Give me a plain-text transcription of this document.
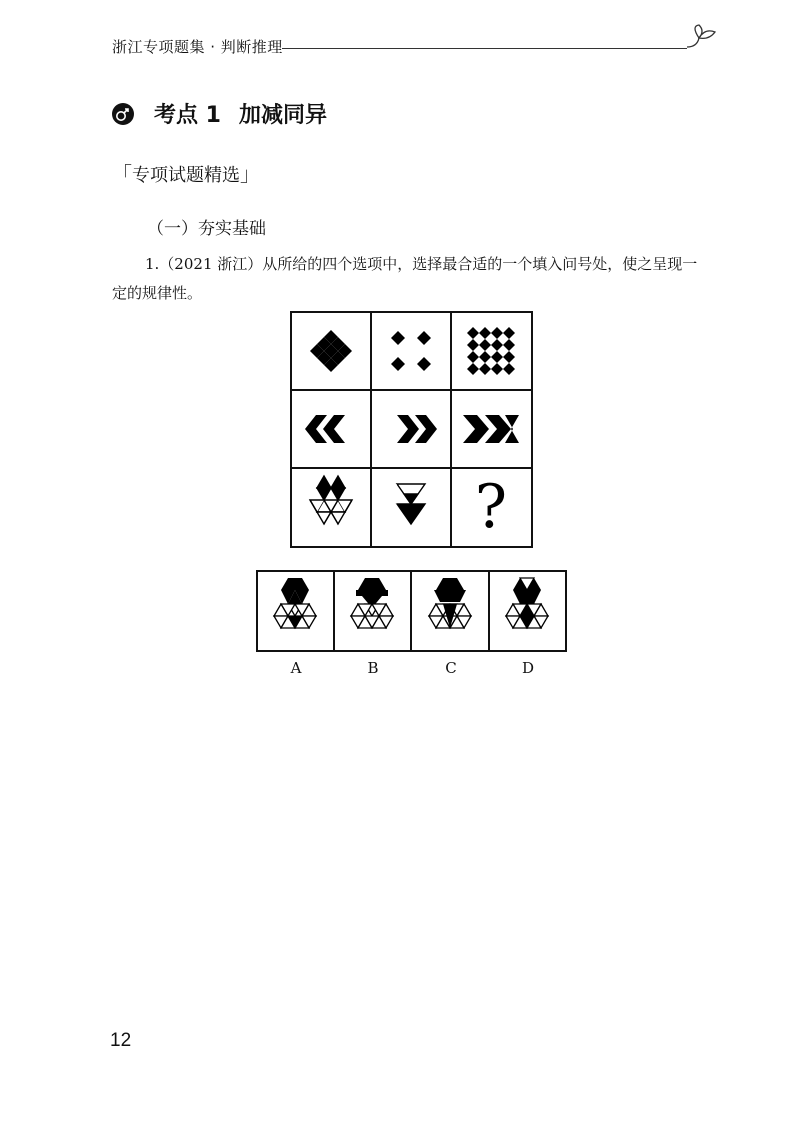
浙江专项题集 · 判断推理
考点 1 加减同异
「专项试题精选」
（一）夯实基础
1.（2021 浙江）从所给的四个选项中，选择最合适的一个填入问号处，使之呈现一定的规律性。
?
A	B	C	D
12
